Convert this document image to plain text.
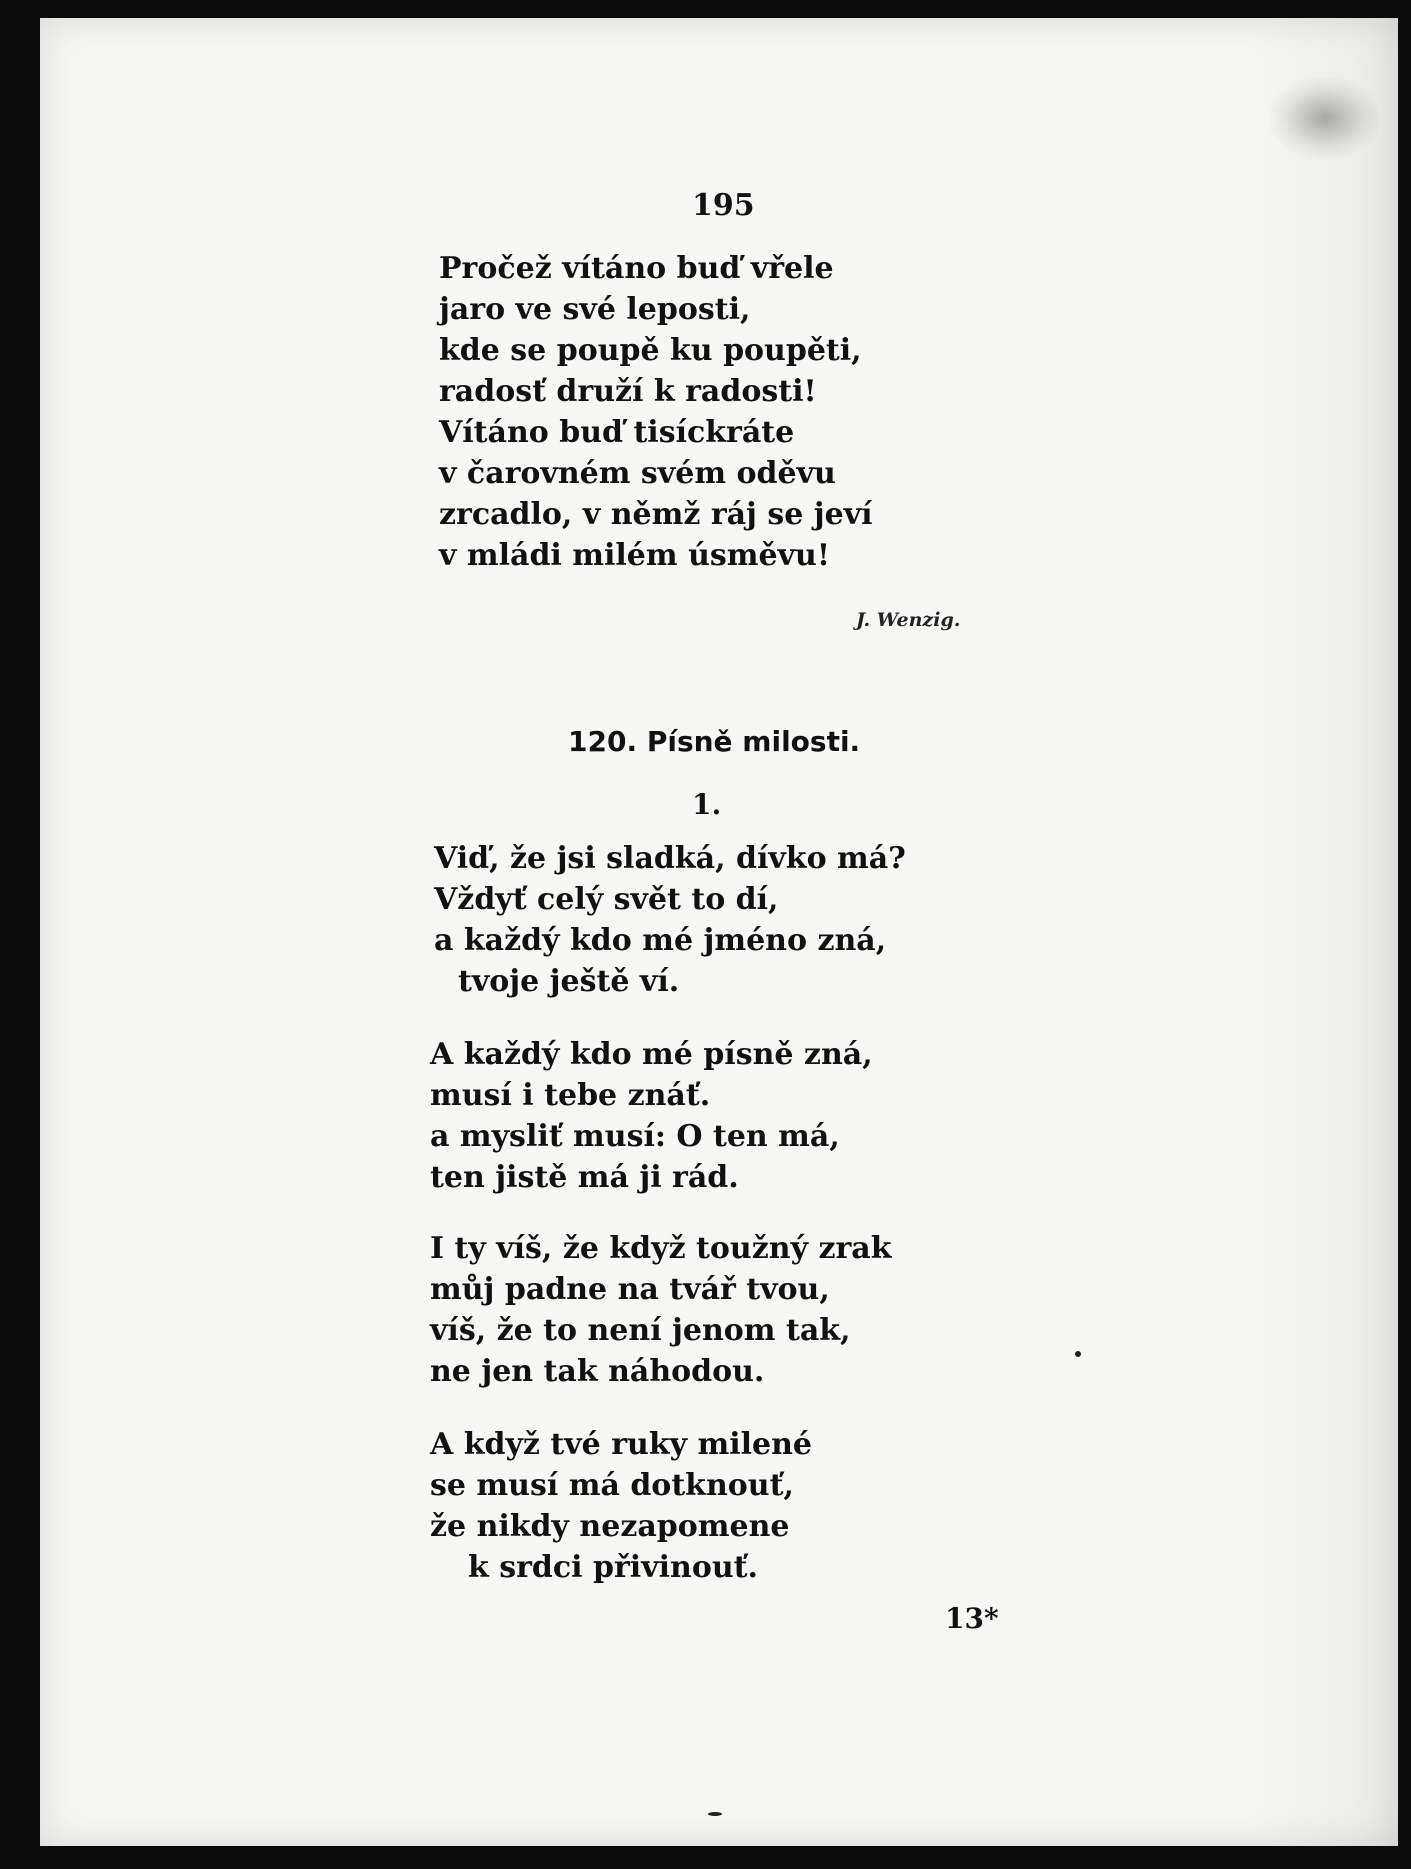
195
Pročež vítáno buď vřele
jaro ve své leposti,
kde se poupě ku poupěti,
radosť druží k radosti!
Vítáno buď tisíckráte
v čarovném svém oděvu
zrcadlo, v němž ráj se jeví
v mládi milém úsměvu!
J. Wenzig.
120. Písně milosti.
1.
Viď, že jsi sladká, dívko má?
Vždyť celý svět to dí,
a každý kdo mé jméno zná,
tvoje ještě ví.
A každý kdo mé písně zná,
musí i tebe znáť.
a mysliť musí: O ten má,
ten jistě má ji rád.
I ty víš, že když toužný zrak
můj padne na tvář tvou,
víš, že to není jenom tak,
ne jen tak náhodou.
A když tvé ruky milené
se musí má dotknouť,
že nikdy nezapomene
k srdci přivinouť.
13*
